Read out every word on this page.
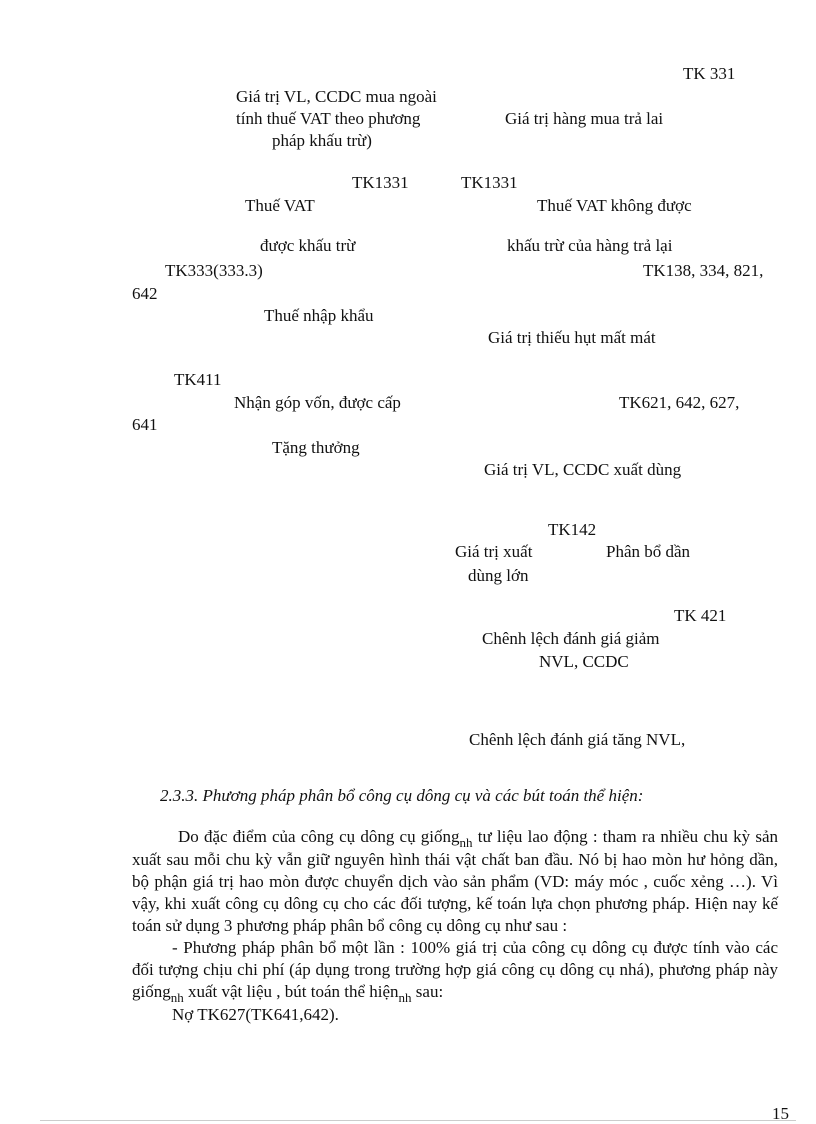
TK 331
Giá trị VL, CCDC mua ngoài
tính thuế VAT theo phương
pháp khấu trừ)
Giá trị hàng mua trả lai
TK1331	TK1331
Thuế VAT	Thuế VAT không được
được khấu trừ	khấu trừ của hàng trả lại
TK333(333.3)	TK138, 334, 821,
642
Thuế nhập khẩu
Giá trị thiếu hụt mất mát
TK411
Nhận góp vốn, được cấp	TK621, 642, 627,
641
Tặng thưởng
Giá trị VL, CCDC xuất dùng
TK142
Giá trị xuất	Phân bổ dần
dùng lớn
TK 421
Chênh lệch đánh giá giảm
NVL, CCDC
Chênh lệch đánh giá tăng NVL,
2.3.3. Phương pháp phân bổ công cụ dông cụ và các bút toán thể hiện:

Do đặc điểm của công cụ dông cụ giống$_{nh}$ tư liệu lao động : tham ra nhiều chu kỳ sản xuất sau mỗi chu kỳ vẫn giữ nguyên hình thái vật chất ban đầu. Nó bị hao mòn hư hỏng dần, bộ phận giá trị hao mòn được chuyển dịch vào sản phẩm (VD: máy móc , cuốc xẻng …). Vì vậy, khi xuất công cụ dông cụ cho các đối tượng, kế toán lựa chọn phương pháp. Hiện nay kế toán sử dụng 3 phương pháp phân bổ công cụ dông cụ như sau :

- Phương pháp phân bổ một lần : 100% giá trị của công cụ dông cụ được tính vào các đối tượng chịu chi phí (áp dụng trong trường hợp giá công cụ dông cụ nhá), phương pháp này giống$_{nh}$ xuất vật liệu , bút toán thể hiện$_{nh}$ sau:

Nợ TK627(TK641,642).

15
